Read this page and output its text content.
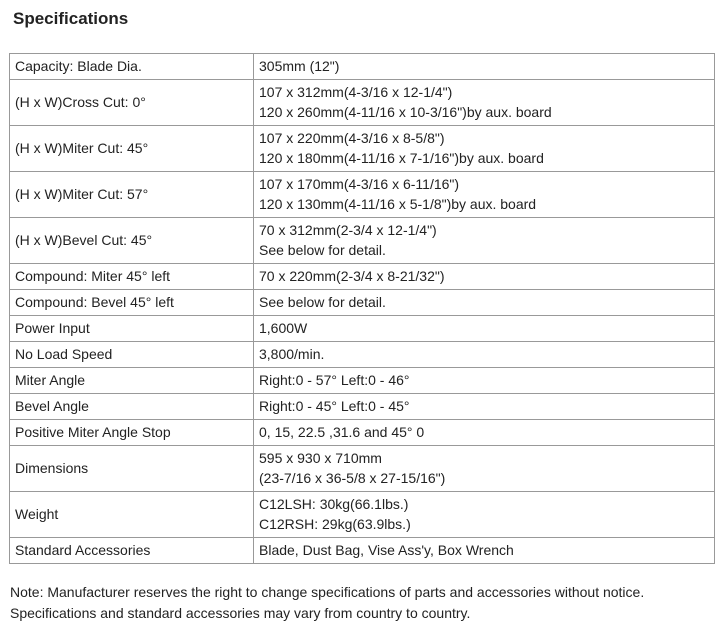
Specifications
Capacity: Blade Dia.	305mm (12")

(H x W)Cross Cut: 0°	107 x 312mm(4-3/16 x 12-1/4")
120 x 260mm(4-11/16 x 10-3/16")by aux. board

(H x W)Miter Cut: 45°	107 x 220mm(4-3/16 x 8-5/8")
120 x 180mm(4-11/16 x 7-1/16")by aux. board

(H x W)Miter Cut: 57°	107 x 170mm(4-3/16 x 6-11/16")
120 x 130mm(4-11/16 x 5-1/8")by aux. board

(H x W)Bevel Cut: 45°	70 x 312mm(2-3/4 x 12-1/4")
See below for detail.

Compound: Miter 45° left	70 x 220mm(2-3/4 x 8-21/32")

Compound: Bevel 45° left	See below for detail.

Power Input	1,600W

No Load Speed	3,800/min.

Miter Angle	Right:0 - 57° Left:0 - 46°

Bevel Angle	Right:0 - 45° Left:0 - 45°

Positive Miter Angle Stop	0, 15, 22.5 ,31.6 and 45° 0

Dimensions	595 x 930 x 710mm
(23-7/16 x 36-5/8 x 27-15/16")

Weight	C12LSH: 30kg(66.1lbs.)
C12RSH: 29kg(63.9lbs.)

Standard Accessories	Blade, Dust Bag, Vise Ass'y, Box Wrench
Note: Manufacturer reserves the right to change specifications of parts and accessories without notice.
Specifications and standard accessories may vary from country to country.
